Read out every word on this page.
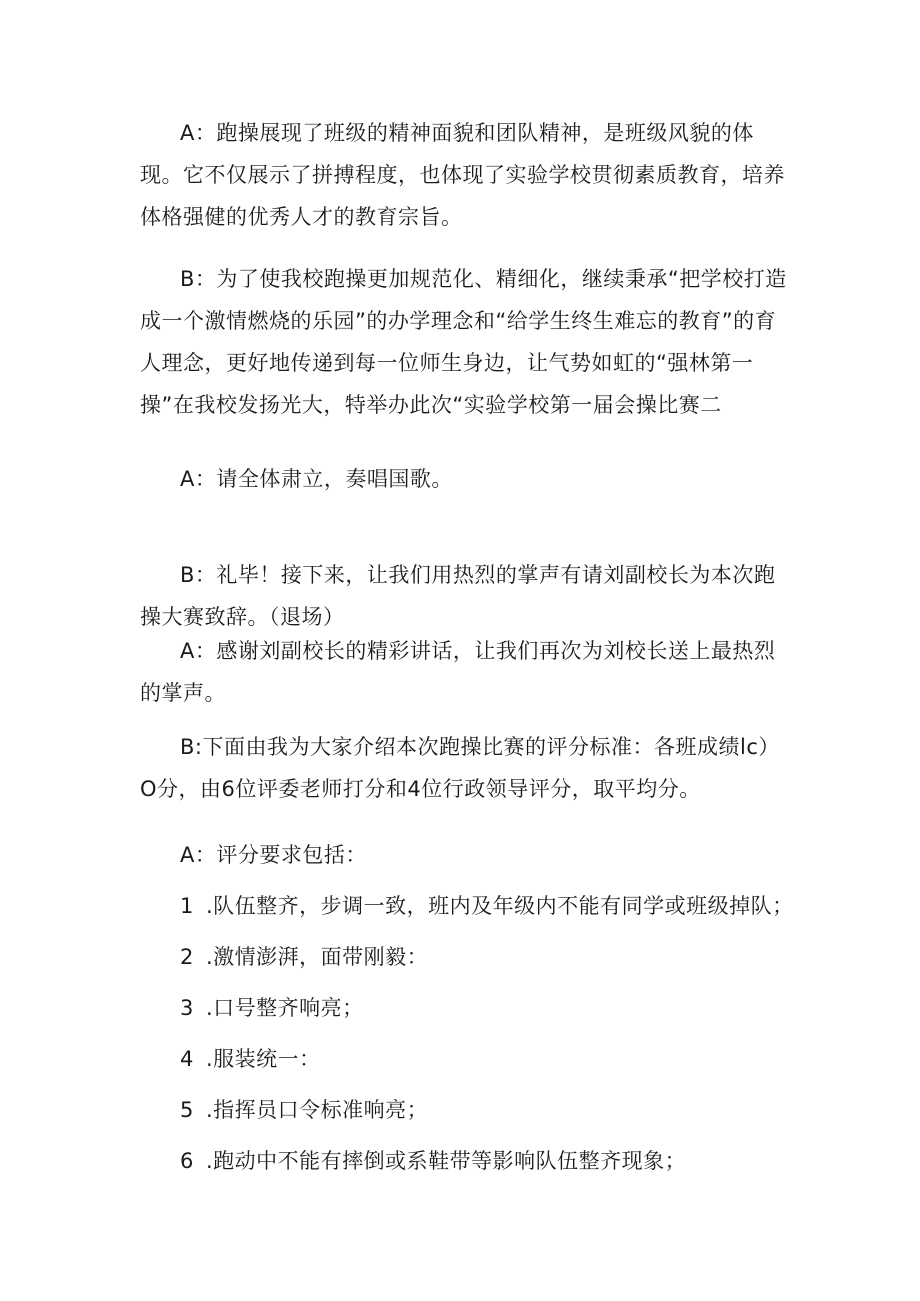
A：跑操展现了班级的精神面貌和团队精神，是班级风貌的体现。它不仅展示了拼搏程度，也体现了实验学校贯彻素质教育，培养体格强健的优秀人才的教育宗旨。

B：为了使我校跑操更加规范化、精细化，继续秉承“把学校打造成一个激情燃烧的乐园”的办学理念和“给学生终生难忘的教育”的育人理念，更好地传递到每一位师生身边，让气势如虹的“强林第一操”在我校发扬光大，特举办此次“实验学校第一届会操比赛二

A：请全体肃立，奏唱国歌。

B：礼毕！接下来，让我们用热烈的掌声有请刘副校长为本次跑操大赛致辞。（退场）

A：感谢刘副校长的精彩讲话，让我们再次为刘校长送上最热烈的掌声。

B:下面由我为大家介绍本次跑操比赛的评分标准：各班成绩lc）O分，由6位评委老师打分和4位行政领导评分，取平均分。

A：评分要求包括：

1 .队伍整齐，步调一致，班内及年级内不能有同学或班级掉队；
2 .激情澎湃，面带刚毅：
3 .口号整齐响亮；
4 .服装统一：
5 .指挥员口令标准响亮；
6 .跑动中不能有摔倒或系鞋带等影响队伍整齐现象；
